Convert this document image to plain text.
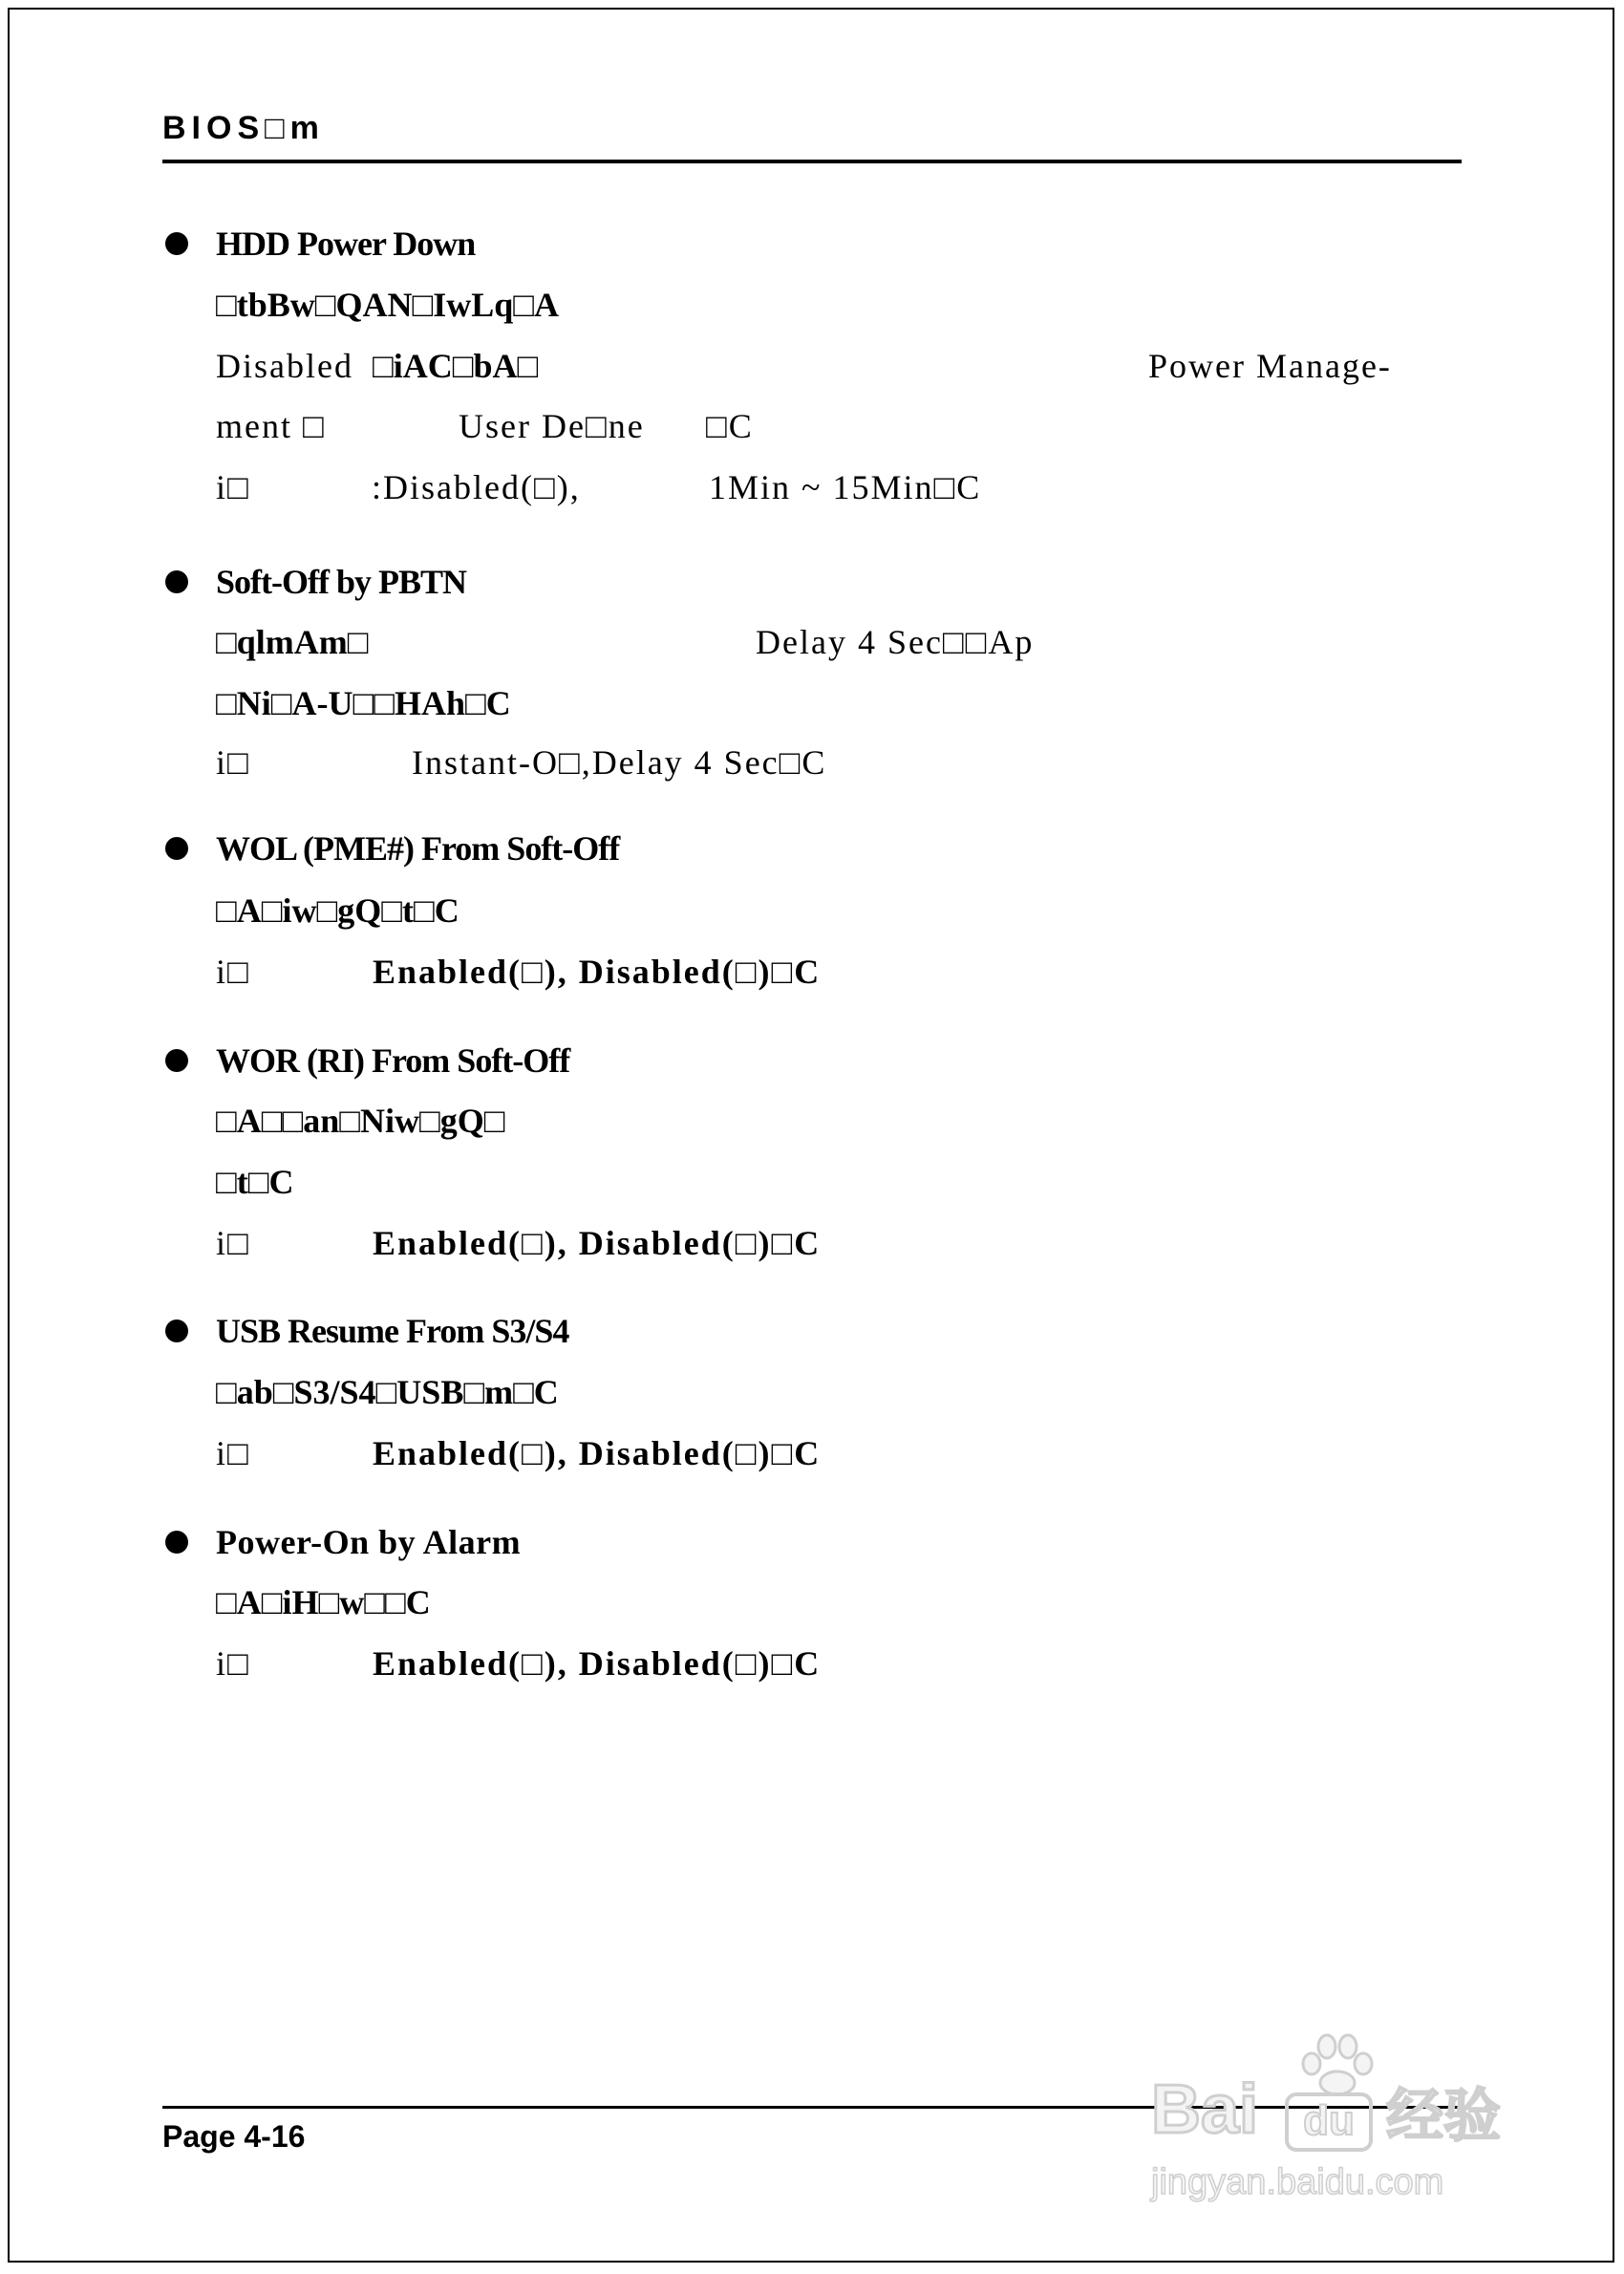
BIOS□m
HDD Power Down
□tbBw□QAN□IwLq□A
Disabled □iAC□bA□	Power Manage-
ment □	User De□ne □C
i□	:Disabled(□),	1Min ~ 15Min□C
Soft-Off by PBTN
□qlmAm□	Delay 4 Sec□□Ap
□Ni□A-U□□HAh□C
i□	Instant-O□,Delay 4 Sec□C
WOL (PME#) From Soft-Off
□A□iw□gQ□t□C
i□	Enabled(□), Disabled(□)□C
WOR (RI) From Soft-Off
□A□□an□Niw□gQ□
□t□C
i□	Enabled(□), Disabled(□)□C
USB Resume From S3/S4
□ab□S3/S4□USB□m□C
i□	Enabled(□), Disabled(□)□C
Power-On by Alarm
□A□iH□w□□C
i□	Enabled(□), Disabled(□)□C
Page 4-16	Bai	du 经验
jingyan.baidu.com
